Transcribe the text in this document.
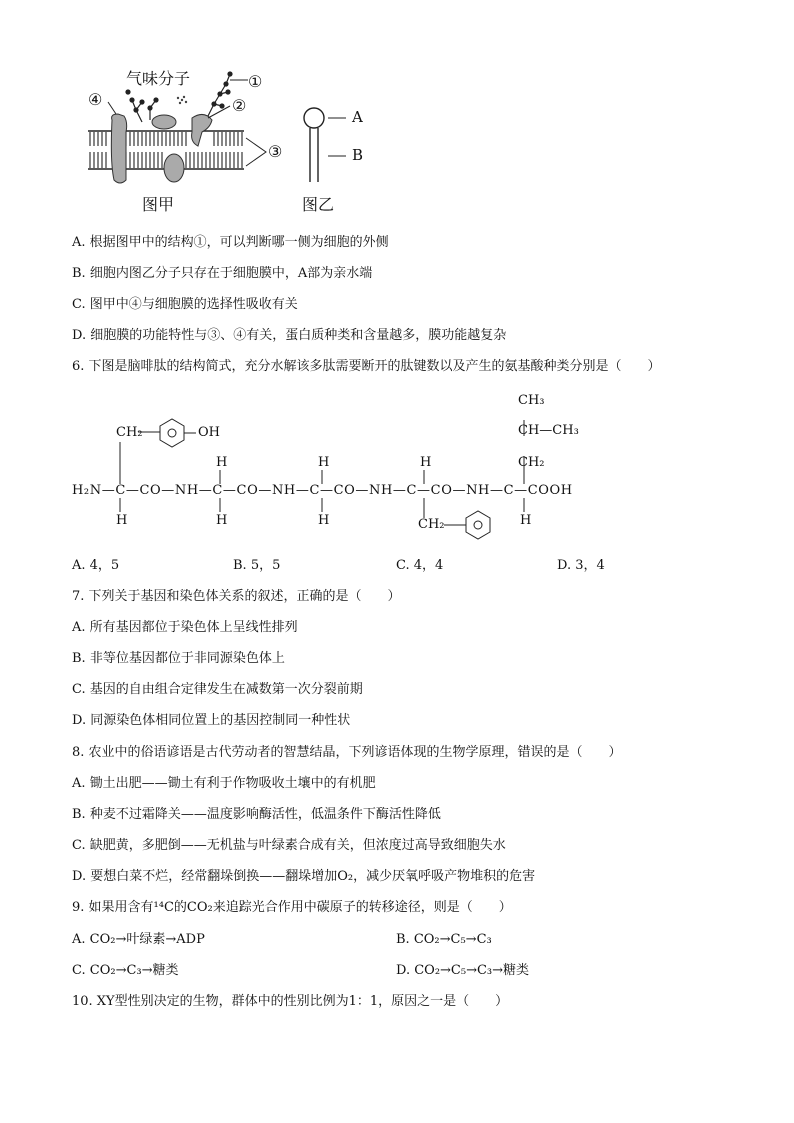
气味分子	①
②
③
④
图甲
A
B
图乙
A. 根据图甲中的结构①，可以判断哪一侧为细胞的外侧
B. 细胞内图乙分子只存在于细胞膜中，A部为亲水端
C. 图甲中④与细胞膜的选择性吸收有关
D. 细胞膜的功能特性与③、④有关，蛋白质种类和含量越多，膜功能越复杂
6. 下图是脑啡肽的结构简式，充分水解该多肽需要断开的肽键数以及产生的氨基酸种类分别是（　　）
H₂N—C—CO—NH—C—CO—NH—C—CO—NH—C—CO—NH—C—COOH
CH₂	OH
H
H
H
H
H
H
CH₂	H
CH₂
CH—CH₃
CH₃
A. 4，5	B. 5，5	C. 4，4	D. 3，4
7. 下列关于基因和染色体关系的叙述，正确的是（　　）
A. 所有基因都位于染色体上呈线性排列
B. 非等位基因都位于非同源染色体上
C. 基因的自由组合定律发生在减数第一次分裂前期
D. 同源染色体相同位置上的基因控制同一种性状
8. 农业中的俗语谚语是古代劳动者的智慧结晶，下列谚语体现的生物学原理，错误的是（　　）
A. 锄土出肥——锄土有利于作物吸收土壤中的有机肥
B. 种麦不过霜降关——温度影响酶活性，低温条件下酶活性降低
C. 缺肥黄，多肥倒——无机盐与叶绿素合成有关，但浓度过高导致细胞失水
D. 要想白菜不烂，经常翻垛倒换——翻垛增加O₂，减少厌氧呼吸产物堆积的危害
9. 如果用含有¹⁴C的CO₂来追踪光合作用中碳原子的转移途径，则是（　　）
A. CO₂→叶绿素→ADP	B. CO₂→C₅→C₃
C. CO₂→C₃→糖类	D. CO₂→C₅→C₃→糖类
10. XY型性别决定的生物，群体中的性别比例为1：1，原因之一是（　　）
